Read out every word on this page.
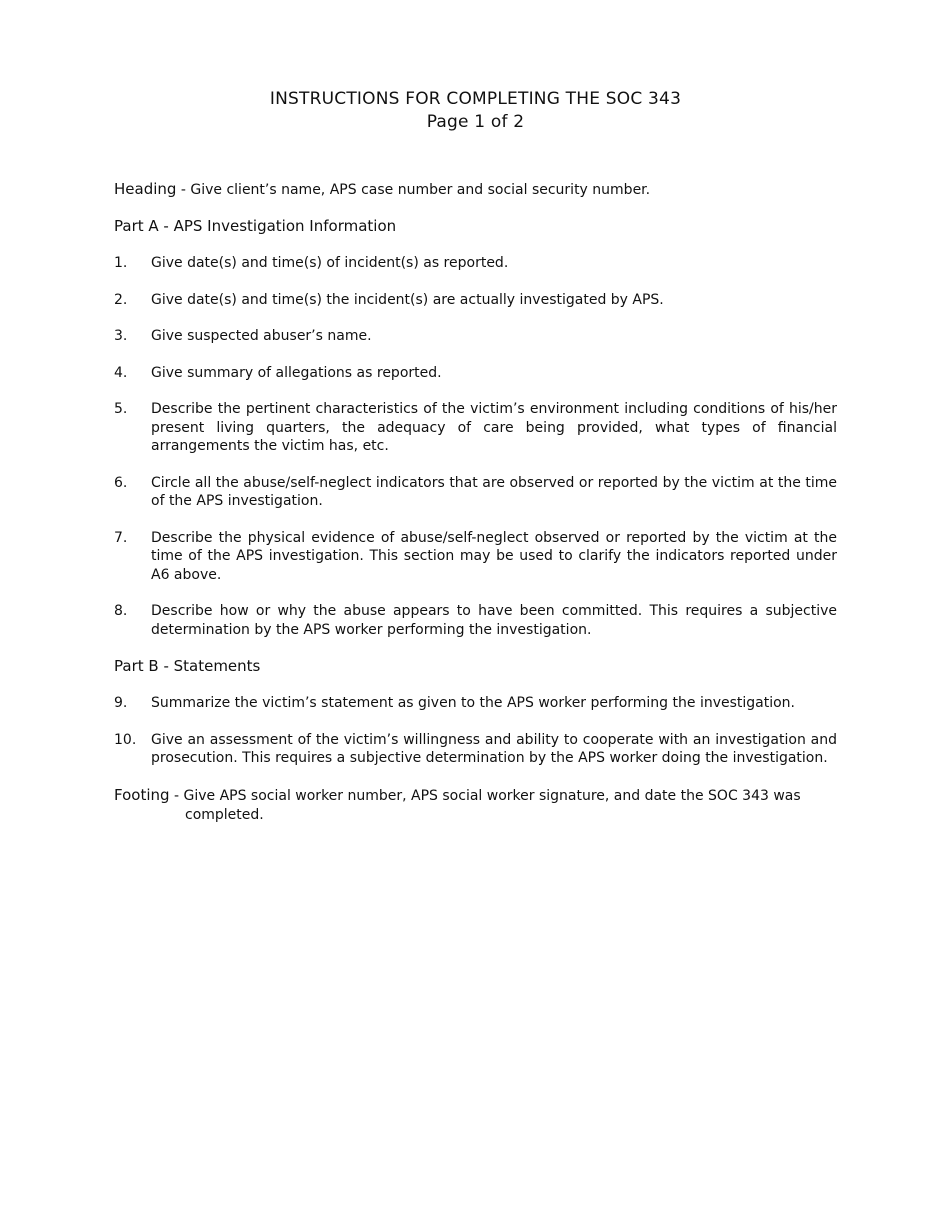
INSTRUCTIONS FOR COMPLETING THE SOC 343
Page 1 of 2
Heading - Give client’s name, APS case number and social security number.
Part A - APS Investigation Information
1.	Give date(s) and time(s) of incident(s) as reported.
2.	Give date(s) and time(s) the incident(s) are actually investigated by APS.
3.	Give suspected abuser’s name.
4.	Give summary of allegations as reported.
5.	Describe the pertinent characteristics of the victim’s environment including conditions of his/her present living quarters, the adequacy of care being provided, what types of financial arrangements the victim has, etc.
6.	Circle all the abuse/self-neglect indicators that are observed or reported by the victim at the time of the APS investigation.
7.	Describe the physical evidence of abuse/self-neglect observed or reported by the victim at the time of the APS investigation. This section may be used to clarify the indicators reported under A6 above.
8.	Describe how or why the abuse appears to have been committed. This requires a subjective determination by the APS worker performing the investigation.
Part B - Statements
9.	Summarize the victim’s statement as given to the APS worker performing the investigation.
10.	Give an assessment of the victim’s willingness and ability to cooperate with an investigation and prosecution. This requires a subjective determination by the APS worker doing the investigation.
Footing - Give APS social worker number, APS social worker signature, and date the SOC 343 was completed.
